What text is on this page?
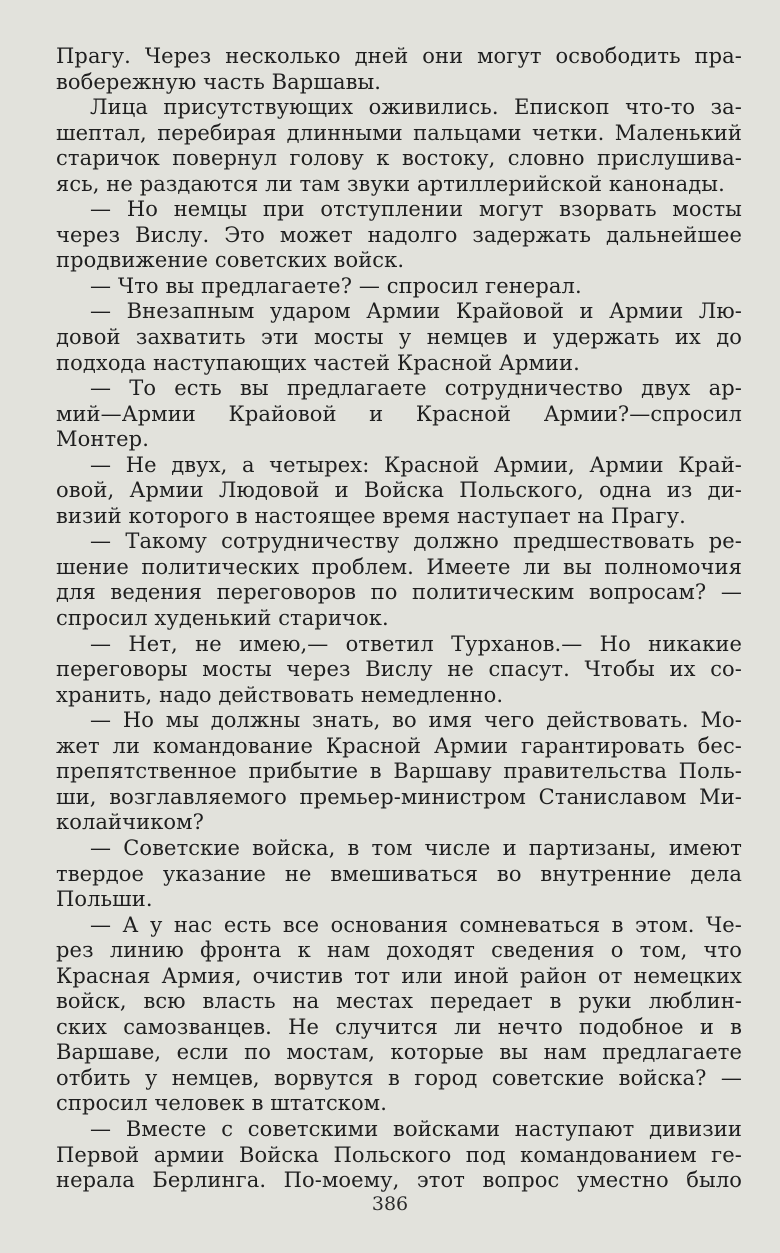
Прагу. Через несколько дней они могут освободить пра-
вобережную часть Варшавы.
Лица присутствующих оживились. Епископ что-то за-
шептал, перебирая длинными пальцами четки. Маленький
старичок повернул голову к востоку, словно прислушива-
ясь, не раздаются ли там звуки артиллерийской канонады.
— Но немцы при отступлении могут взорвать мосты
через Вислу. Это может надолго задержать дальнейшее
продвижение советских войск.
— Что вы предлагаете? — спросил генерал.
— Внезапным ударом Армии Крайовой и Армии Лю-
довой захватить эти мосты у немцев и удержать их до
подхода наступающих частей Красной Армии.
— То есть вы предлагаете сотрудничество двух ар-
мий—Армии Крайовой и Красной Армии?—спросил
Монтер.
— Не двух, а четырех: Красной Армии, Армии Край-
овой, Армии Людовой и Войска Польского, одна из ди-
визий которого в настоящее время наступает на Прагу.
— Такому сотрудничеству должно предшествовать ре-
шение политических проблем. Имеете ли вы полномочия
для ведения переговоров по политическим вопросам? —
спросил худенький старичок.
— Нет, не имею,— ответил Турханов.— Но никакие
переговоры мосты через Вислу не спасут. Чтобы их со-
хранить, надо действовать немедленно.
— Но мы должны знать, во имя чего действовать. Мо-
жет ли командование Красной Армии гарантировать бес-
препятственное прибытие в Варшаву правительства Поль-
ши, возглавляемого премьер-министром Станиславом Ми-
колайчиком?
— Советские войска, в том числе и партизаны, имеют
твердое указание не вмешиваться во внутренние дела
Польши.
— А у нас есть все основания сомневаться в этом. Че-
рез линию фронта к нам доходят сведения о том, что
Красная Армия, очистив тот или иной район от немецких
войск, всю власть на местах передает в руки люблин-
ских самозванцев. Не случится ли нечто подобное и в
Варшаве, если по мостам, которые вы нам предлагаете
отбить у немцев, ворвутся в город советские войска? —
спросил человек в штатском.
— Вместе с советскими войсками наступают дивизии
Первой армии Войска Польского под командованием ге-
нерала Берлинга. По-моему, этот вопрос уместно было
386
